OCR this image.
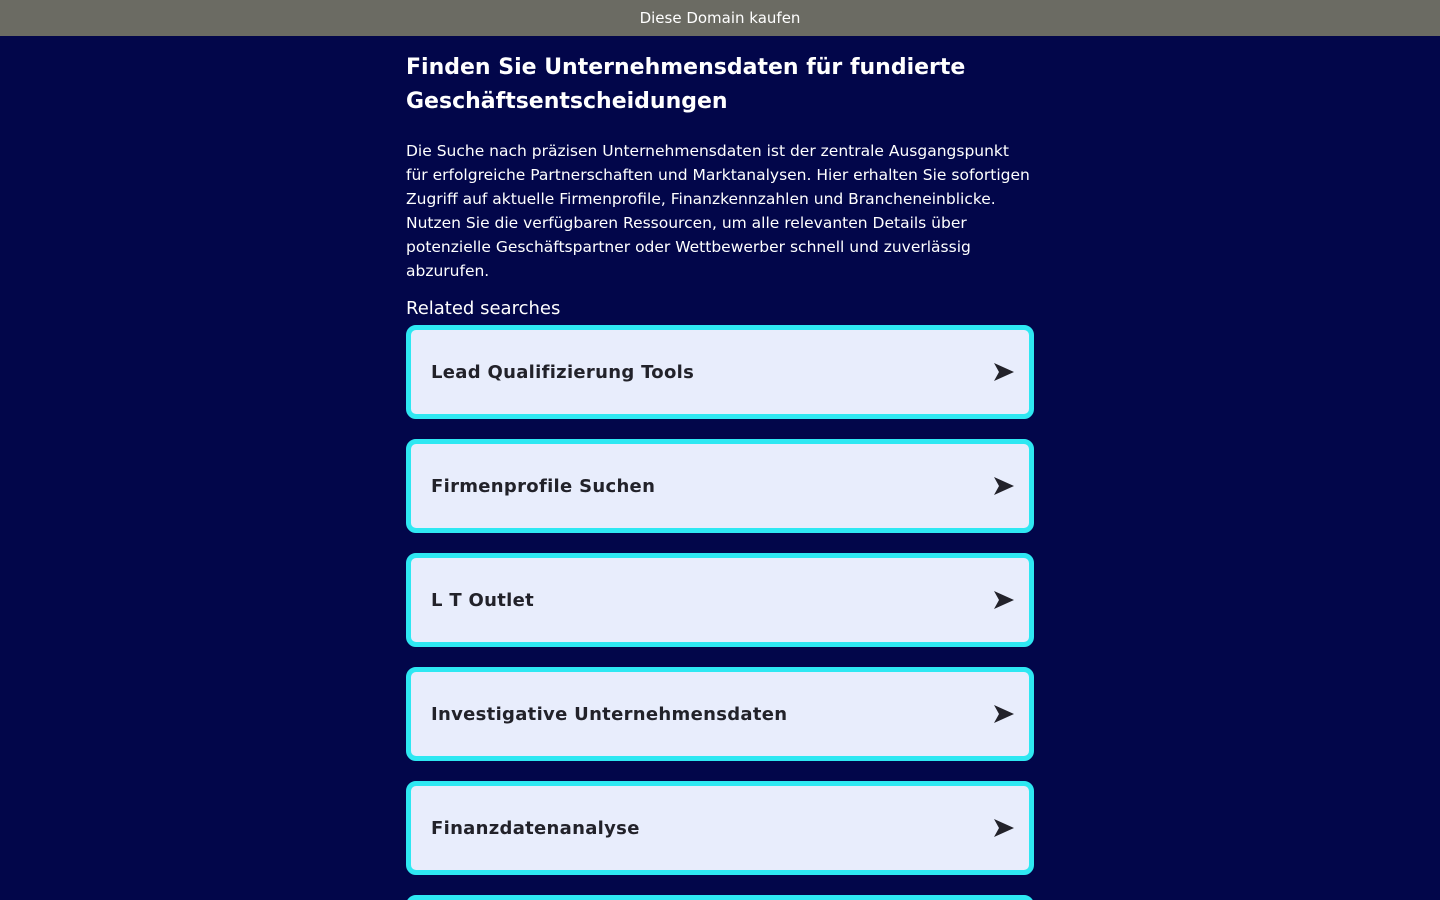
Diese Domain kaufen
Finden Sie Unternehmensdaten für fundierte Geschäftsentscheidungen

Die Suche nach präzisen Unternehmensdaten ist der zentrale Ausgangspunkt für erfolgreiche Partnerschaften und Marktanalysen. Hier erhalten Sie sofortigen Zugriff auf aktuelle Firmenprofile, Finanzkennzahlen und Brancheneinblicke. Nutzen Sie die verfügbaren Ressourcen, um alle relevanten Details über potenzielle Geschäftspartner oder Wettbewerber schnell und zuverlässig abzurufen.

Related searches
Lead Qualifizierung Tools
Firmenprofile Suchen
L T Outlet
Investigative Unternehmensdaten
Finanzdatenanalyse
